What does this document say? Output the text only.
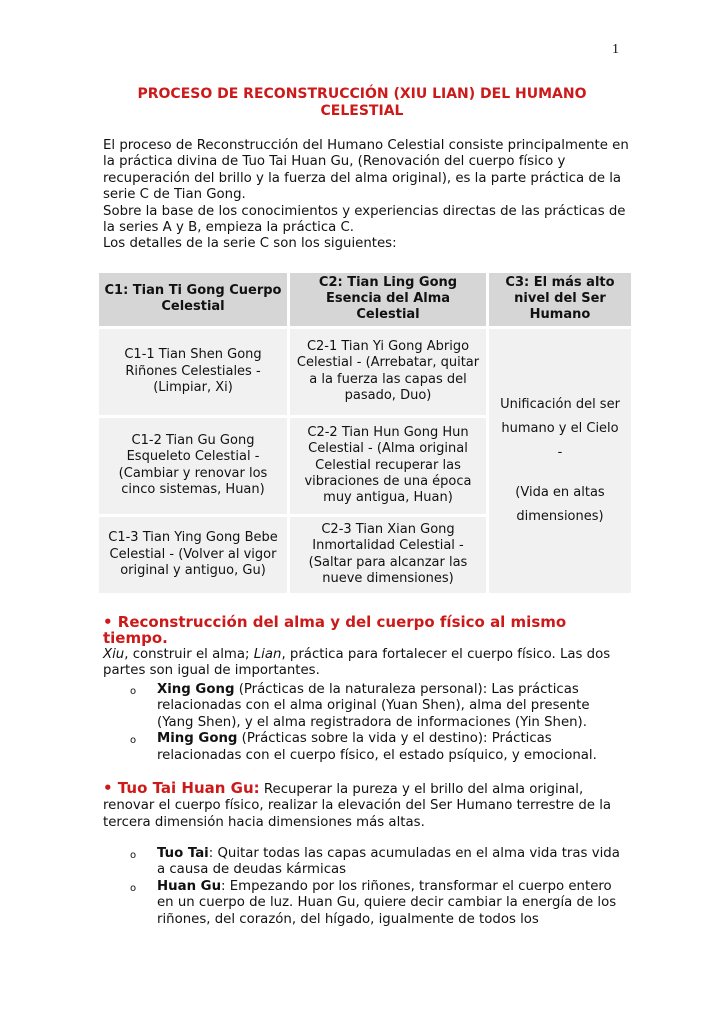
1
PROCESO DE RECONSTRUCCIÓN (XIU LIAN) DEL HUMANO CELESTIAL

El proceso de Reconstrucción del Humano Celestial consiste principalmente en la práctica divina de Tuo Tai Huan Gu, (Renovación del cuerpo físico y recuperación del brillo y la fuerza del alma original), es la parte práctica de la serie C de Tian Gong.

Sobre la base de los conocimientos y experiencias directas de las prácticas de la series A y B, empieza la práctica C.

Los detalles de la serie C son los siguientes:

C1: Tian Ti Gong Cuerpo Celestial	C2: Tian Ling Gong Esencia del Alma Celestial	C3: El más alto nivel del Ser Humano
C1-1 Tian Shen Gong Riñones Celestiales - (Limpiar, Xi)	C2-1 Tian Yi Gong Abrigo Celestial - (Arrebatar, quitar a la fuerza las capas del pasado, Duo)	Unificación del ser humano y el Cielo
-
(Vida en altas dimensiones)

C1-2 Tian Gu Gong Esqueleto Celestial - (Cambiar y renovar los cinco sistemas, Huan)	C2-2 Tian Hun Gong Hun Celestial - (Alma original Celestial recuperar las vibraciones de una época muy antigua, Huan)	
C1-3 Tian Ying Gong Bebe Celestial - (Volver al vigor original y antiguo, Gu)	C2-3 Tian Xian Gong Inmortalidad Celestial - (Saltar para alcanzar las nueve dimensiones)	

• Reconstrucción del alma y del cuerpo físico al mismo tiempo.

Xiu, construir el alma; Lian, práctica para fortalecer el cuerpo físico. Las dos partes son igual de importantes.

o Xing Gong (Prácticas de la naturaleza personal): Las prácticas relacionadas con el alma original (Yuan Shen), alma del presente (Yang Shen), y el alma registradora de informaciones (Yin Shen).
o Ming Gong (Prácticas sobre la vida y el destino): Prácticas relacionadas con el cuerpo físico, el estado psíquico, y emocional.

• Tuo Tai Huan Gu: Recuperar la pureza y el brillo del alma original, renovar el cuerpo físico, realizar la elevación del Ser Humano terrestre de la tercera dimensión hacia dimensiones más altas.

o Tuo Tai: Quitar todas las capas acumuladas en el alma vida tras vida a causa de deudas kármicas
o Huan Gu: Empezando por los riñones, transformar el cuerpo entero en un cuerpo de luz. Huan Gu, quiere decir cambiar la energía de los riñones, del corazón, del hígado, igualmente de todos los
